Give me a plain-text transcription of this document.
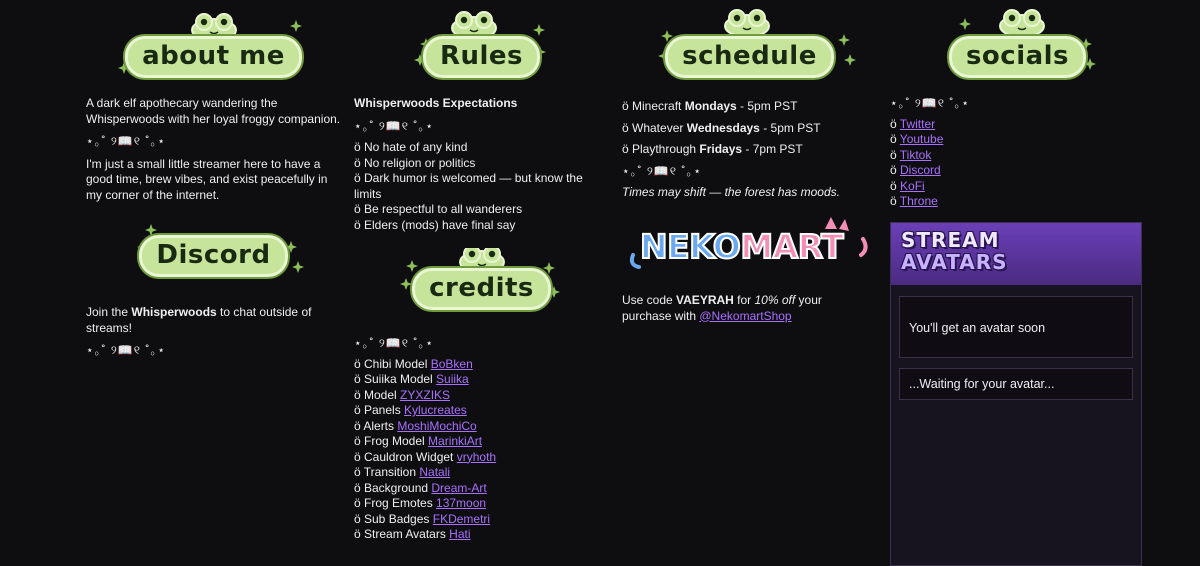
about me

A dark elf apothecary wandering the Whisperwoods with her loyal froggy companion.

⋆｡˚ ୨📖୧ ˚｡⋆

I'm just a small little streamer here to have a good time, brew vibes, and exist peacefully in my corner of the internet.

Discord

Join the Whisperwoods to chat outside of streams!

⋆｡˚ ୨📖୧ ˚｡⋆

Rules

Whisperwoods Expectations

⋆｡˚ ୨📖୧ ˚｡⋆

ö No hate of any kind
ö No religion or politics
ö Dark humor is welcomed — but know the limits
ö Be respectful to all wanderers
ö Elders (mods) have final say
credits

⋆｡˚ ୨📖୧ ˚｡⋆

ö Chibi Model BoBken
ö Suiika Model Suiika
ö Model ZYXZIKS
ö Panels Kylucreates
ö Alerts MoshiMochiCo
ö Frog Model MarinkiArt
ö Cauldron Widget vryhoth
ö Transition Natali
ö Background Dream-Art
ö Frog Emotes 137moon
ö Sub Badges FKDemetri
ö Stream Avatars Hati
schedule
ö Minecraft Mondays - 5pm PST
ö Whatever Wednesdays - 5pm PST
ö Playthrough Fridays - 7pm PST
⋆｡˚ ୨📖୧ ˚｡⋆
Times may shift — the forest has moods.
NEKOMART
Use code VAEYRAH for 10% off your purchase with @NekomartShop
socials

⋆｡˚ ୨📖୧ ˚｡⋆

ö Twitter
ö Youtube
ö Tiktok
ö Discord
ö KoFi
ö Throne
STREAM
AVATARS
You'll get an avatar soon
...Waiting for your avatar...
